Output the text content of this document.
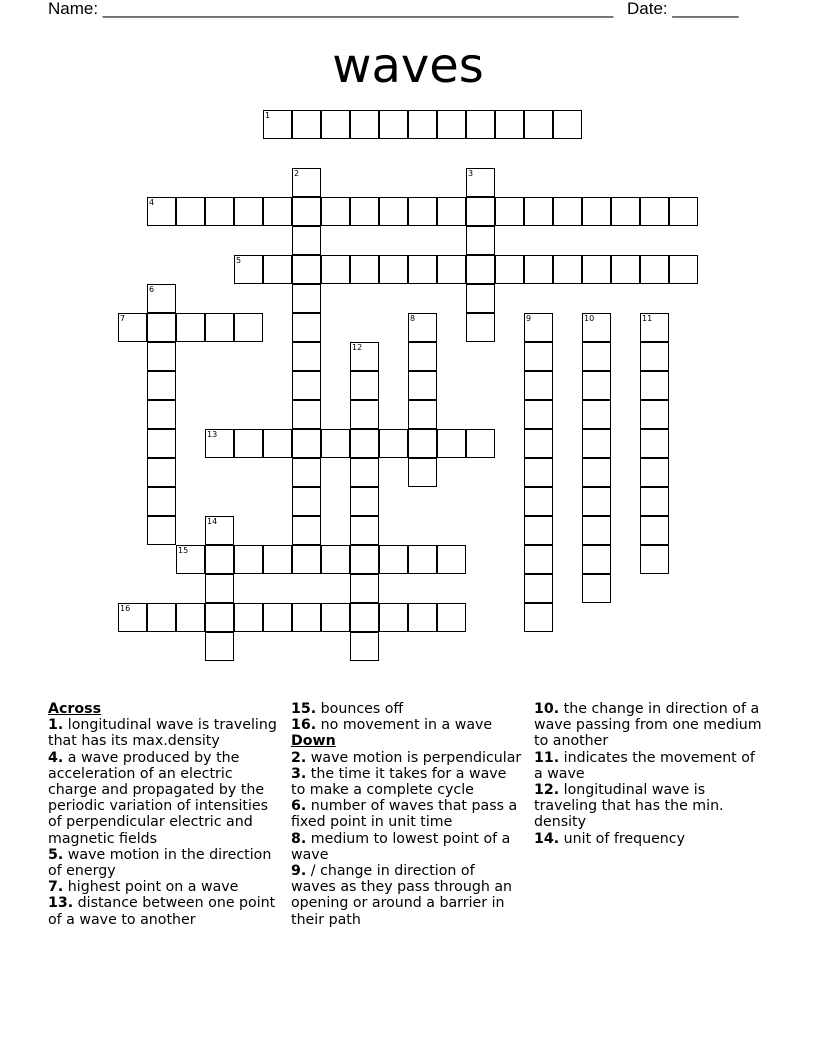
Name: ______________________________________________________ Date: _______
waves
1
2	3
4
5
6
7	8	9	10	11
12
13
14
15
16

Across

1. longitudinal wave is traveling that has its max.density

4. a wave produced by the acceleration of an electric charge and propagated by the periodic variation of intensities of perpendicular electric and magnetic fields

5. wave motion in the direction of energy

7. highest point on a wave

13. distance between one point of a wave to another

15. bounces off

16. no movement in a wave

Down

2. wave motion is perpendicular

3. the time it takes for a wave to make a complete cycle

6. number of waves that pass a fixed point in unit time

8. medium to lowest point of a wave

9. / change in direction of waves as they pass through an opening or around a barrier in their path

10. the change in direction of a wave passing from one medium to another

11. indicates the movement of a wave

12. longitudinal wave is traveling that has the min. density

14. unit of frequency
